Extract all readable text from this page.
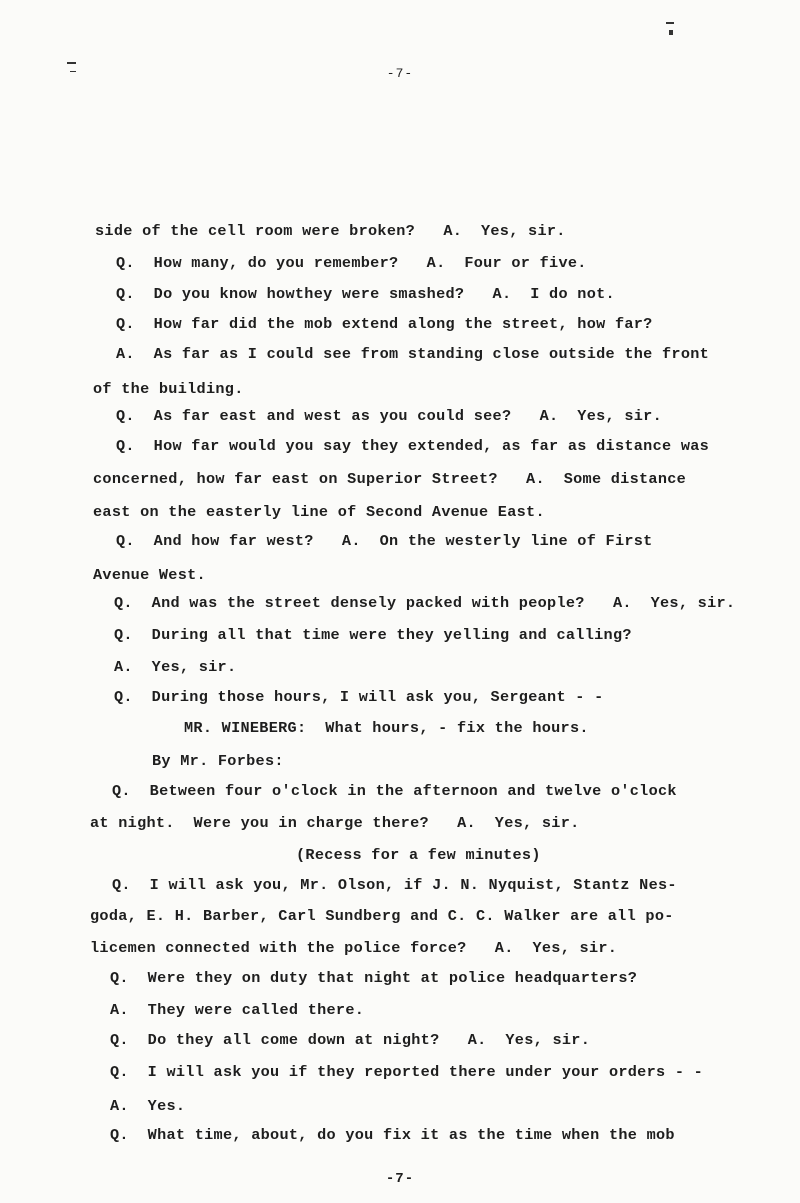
-7-
side of the cell room were broken?   A.  Yes, sir.
Q.  How many, do you remember?   A.  Four or five.
Q.  Do you know howthey were smashed?   A.  I do not.
Q.  How far did the mob extend along the street, how far?
A.  As far as I could see from standing close outside the front
of the building.
Q.  As far east and west as you could see?   A.  Yes, sir.
Q.  How far would you say they extended, as far as distance was
concerned, how far east on Superior Street?   A.  Some distance
east on the easterly line of Second Avenue East.
Q.  And how far west?   A.  On the westerly line of First
Avenue West.
Q.  And was the street densely packed with people?   A.  Yes, sir.
Q.  During all that time were they yelling and calling?
A.  Yes, sir.
Q.  During those hours, I will ask you, Sergeant - -
MR. WINEBERG:  What hours, - fix the hours.
By Mr. Forbes:
Q.  Between four o'clock in the afternoon and twelve o'clock
at night.  Were you in charge there?   A.  Yes, sir.
(Recess for a few minutes)
Q.  I will ask you, Mr. Olson, if J. N. Nyquist, Stantz Nes-
goda, E. H. Barber, Carl Sundberg and C. C. Walker are all po-
licemen connected with the police force?   A.  Yes, sir.
Q.  Were they on duty that night at police headquarters?
A.  They were called there.
Q.  Do they all come down at night?   A.  Yes, sir.
Q.  I will ask you if they reported there under your orders - -
A.  Yes.
Q.  What time, about, do you fix it as the time when the mob
-7-
